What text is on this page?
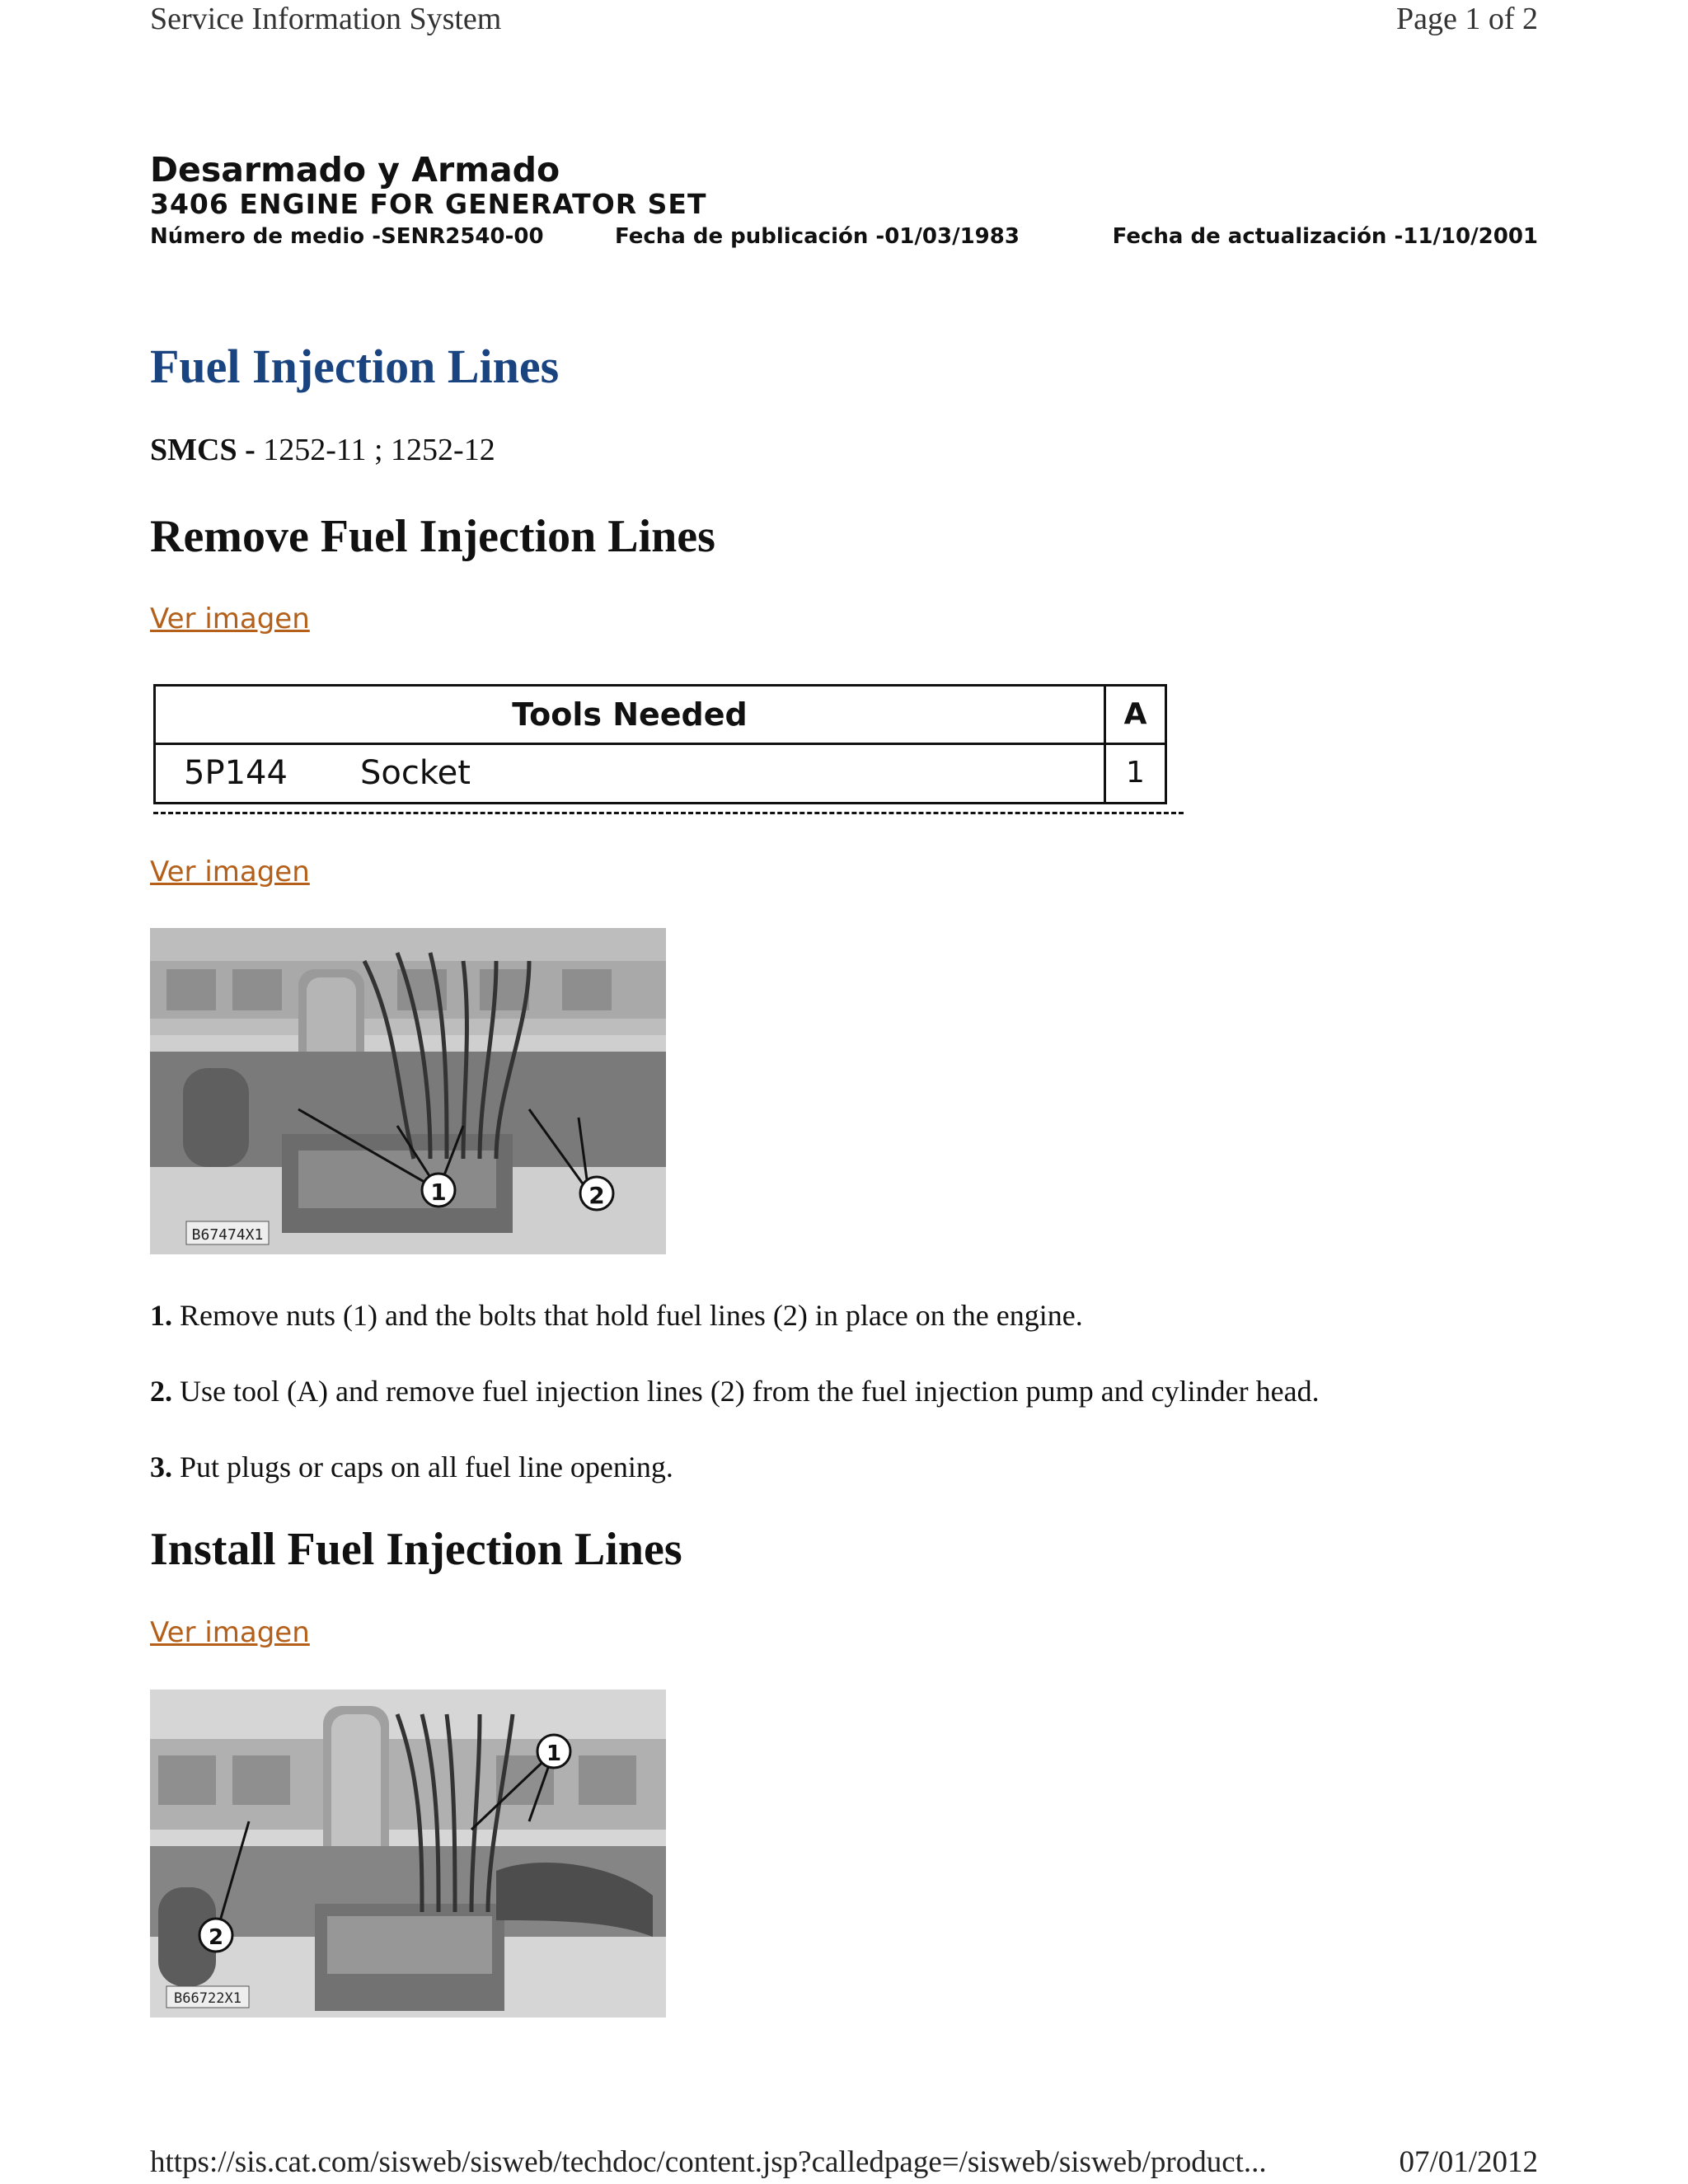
Service Information System	Page 1 of 2
Desarmado y Armado
3406 ENGINE FOR GENERATOR SET
Número de medio -SENR2540-00	Fecha de publicación -01/03/1983	Fecha de actualización -11/10/2001
Fuel Injection Lines
SMCS - 1252-11 ; 1252-12
Remove Fuel Injection Lines
Ver imagen
Tools Needed	A
5P144 Socket	1
Ver imagen
1	2
B67474X1
1. Remove nuts (1) and the bolts that hold fuel lines (2) in place on the engine.
2. Use tool (A) and remove fuel injection lines (2) from the fuel injection pump and cylinder head.
3. Put plugs or caps on all fuel line opening.
Install Fuel Injection Lines
Ver imagen
1
2
B66722X1
https://sis.cat.com/sisweb/sisweb/techdoc/content.jsp?calledpage=/sisweb/sisweb/product...	07/01/2012
